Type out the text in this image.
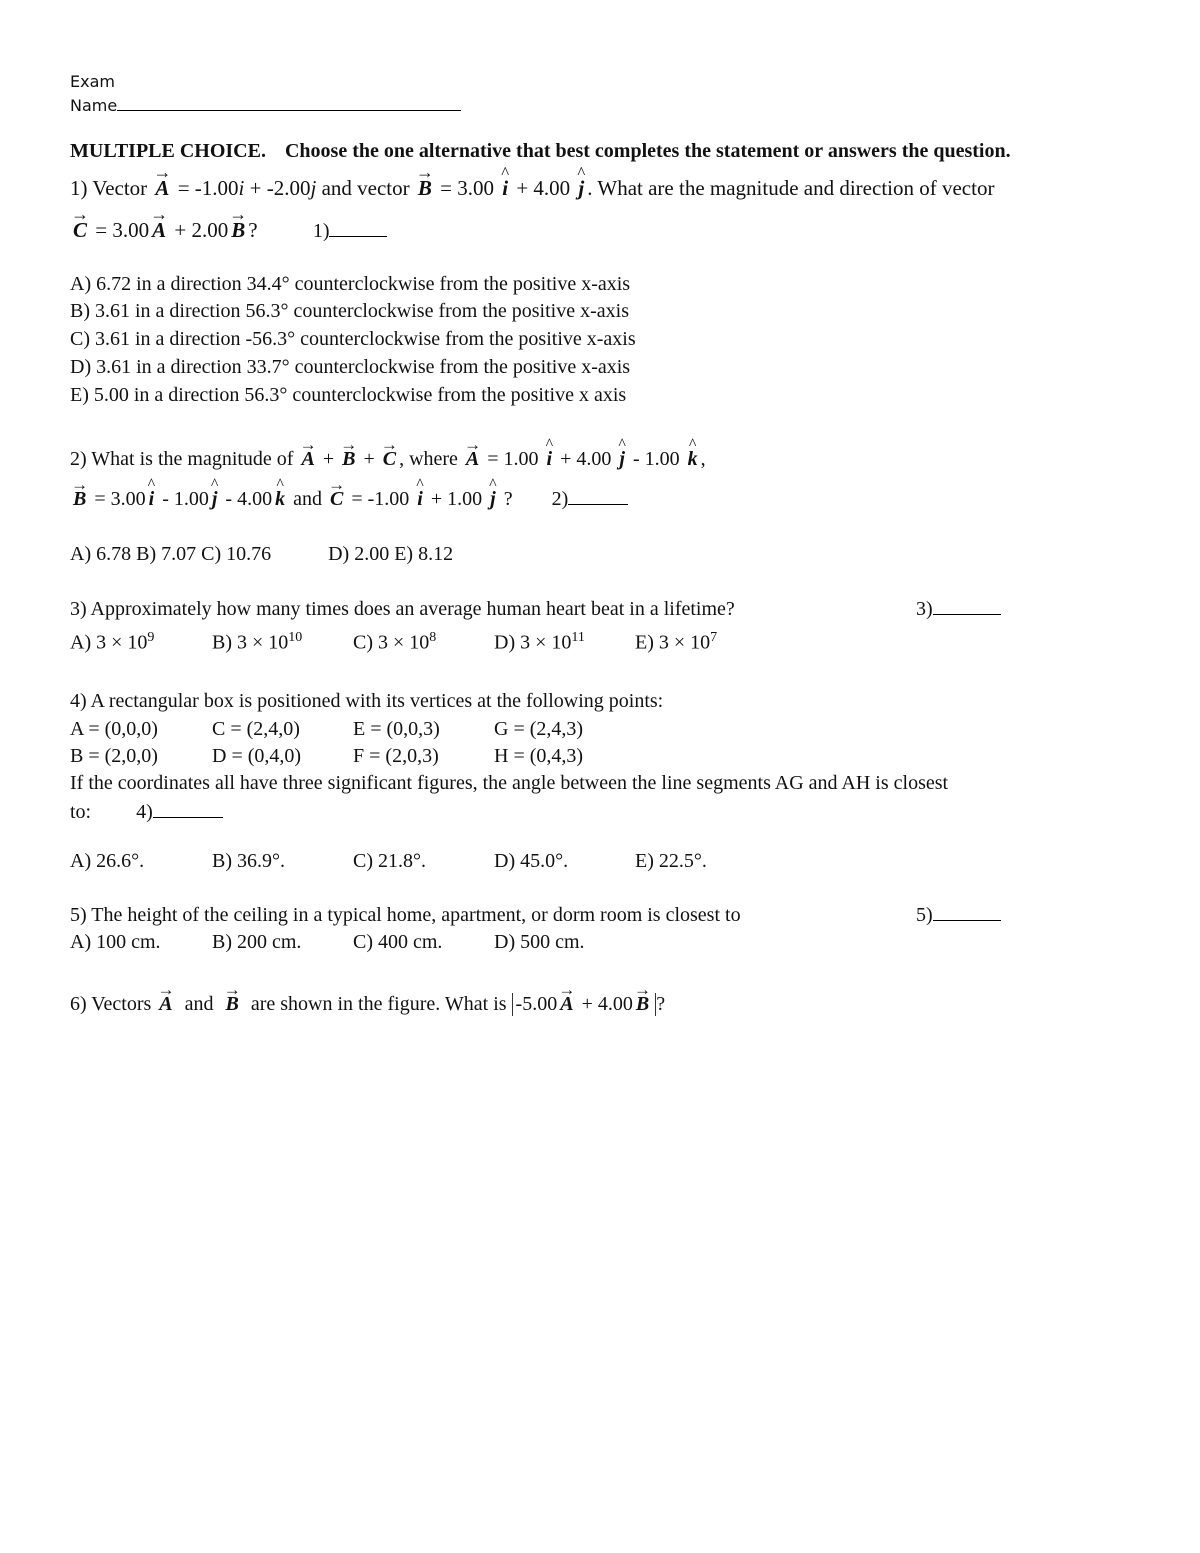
Exam
Name
MULTIPLE CHOICE. Choose the one alternative that best completes the statement or answers the question.
1) Vector → A = -1.00i + -2.00j and vector → B = 3.00 ^ i + 4.00 ^ j . What are the magnitude and direction of vector
→ C = 3.00 → A + 2.00 → B ?	1)
A) 6.72 in a direction 34.4° counterclockwise from the positive x-axis
B) 3.61 in a direction 56.3° counterclockwise from the positive x-axis
C) 3.61 in a direction -56.3° counterclockwise from the positive x-axis
D) 3.61 in a direction 33.7° counterclockwise from the positive x-axis
E) 5.00 in a direction 56.3° counterclockwise from the positive x axis
2) What is the magnitude of → A + → B + → C , where → A = 1.00 ^ i + 4.00 ^ j - 1.00 ^ k ,
→ B = 3.00 ^ i - 1.00 ^ j - 4.00 ^ k and → C = -1.00 ^ i + 1.00 ^ j ? 2)
A) 6.78 B) 7.07 C) 10.76	D) 2.00 E) 8.12
3) Approximately how many times does an average human heart beat in a lifetime?	3)
A) $3 \times 10^9$	B) $3 \times 10^{10}$	C) $3 \times 10^8$	D) $3 \times 10^{11}$	E) $3 \times 10^7$
4) A rectangular box is positioned with its vertices at the following points:
A = (0,0,0)	C = (2,4,0)	E = (0,0,3)	G = (2,4,3)
B = (2,0,0)	D = (0,4,0)	F = (2,0,3)	H = (0,4,3)
If the coordinates all have three significant figures, the angle between the line segments AG and AH is closest
to: 4)
A) 26.6°.	B) 36.9°.	C) 21.8°.	D) 45.0°.	E) 22.5°.
5) The height of the ceiling in a typical home, apartment, or dorm room is closest to	5)
A) 100 cm.	B) 200 cm.	C) 400 cm.	D) 500 cm.
6) Vectors → A and → B are shown in the figure. What is -5.00 → A + 4.00 → B ?
